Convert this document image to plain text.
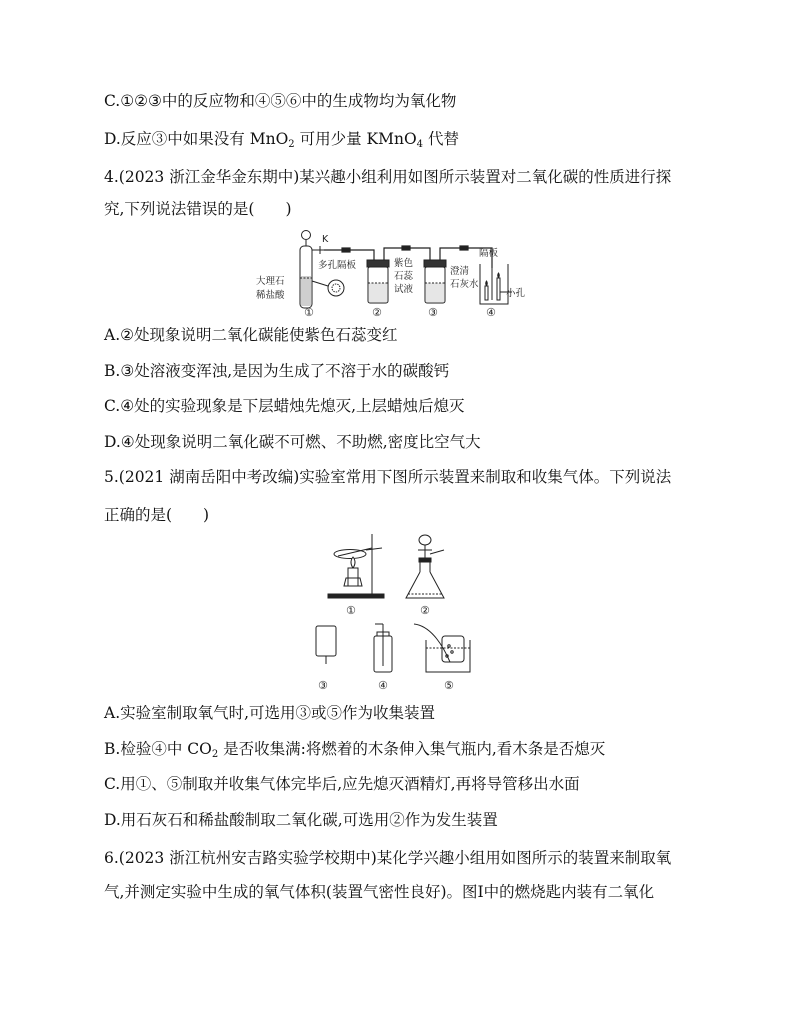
C.①②③中的反应物和④⑤⑥中的生成物均为氧化物
D.反应③中如果没有 MnO$_2$ 可用少量 KMnO$_4$ 代替
4.(2023 浙江金华金东期中)某兴趣小组利用如图所示装置对二氧化碳的性质进行探
究,下列说法错误的是(　　)
K
多孔隔板
大理石
稀盐酸
紫色
石蕊
试液
澄清
石灰水
隔板
小孔
①	②	③	④
A.②处现象说明二氧化碳能使紫色石蕊变红
B.③处溶液变浑浊,是因为生成了不溶于水的碳酸钙
C.④处的实验现象是下层蜡烛先熄灭,上层蜡烛后熄灭
D.④处现象说明二氧化碳不可燃、不助燃,密度比空气大
5.(2021 湖南岳阳中考改编)实验室常用下图所示装置来制取和收集气体。下列说法
正确的是(　　)
①	②
③	④	⑤
A.实验室制取氧气时,可选用③或⑤作为收集装置
B.检验④中 $CO_2$ 是否收集满:将燃着的木条伸入集气瓶内,看木条是否熄灭
C.用①、⑤制取并收集气体完毕后,应先熄灭酒精灯,再将导管移出水面
D.用石灰石和稀盐酸制取二氧化碳,可选用②作为发生装置
6.(2023 浙江杭州安吉路实验学校期中)某化学兴趣小组用如图所示的装置来制取氧
气,并测定实验中生成的氧气体积(装置气密性良好)。图Ⅰ中的燃烧匙内装有二氧化
